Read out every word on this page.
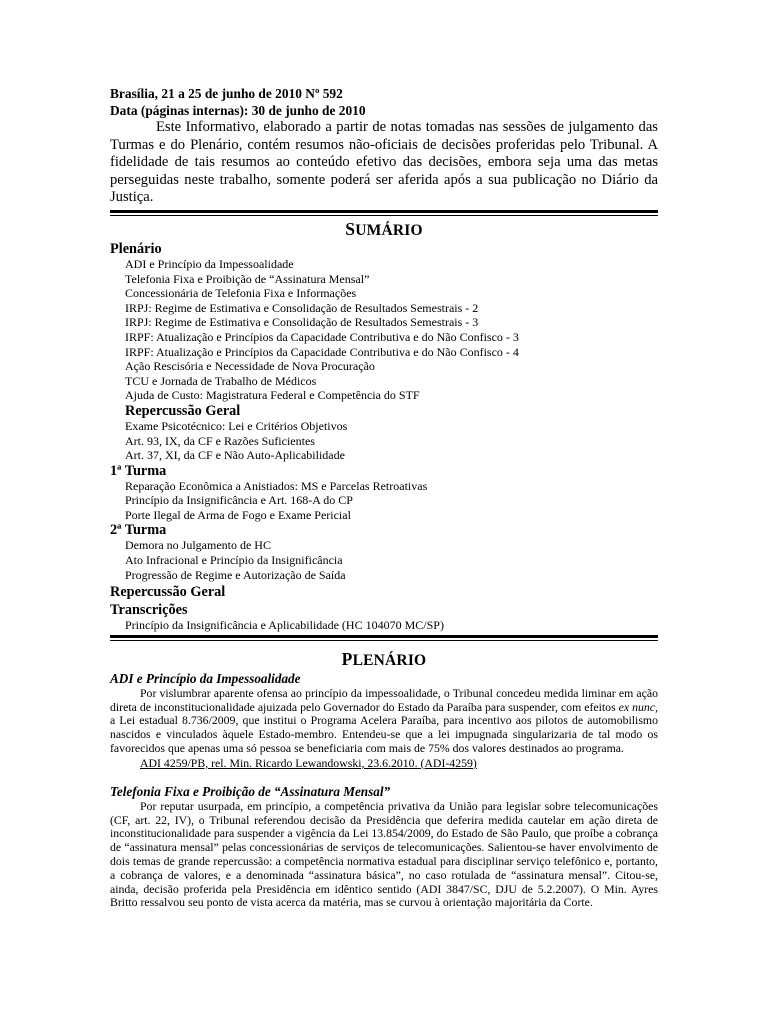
Brasília, 21 a 25 de junho de 2010 Nº 592
Data (páginas internas): 30 de junho de 2010

Este Informativo, elaborado a partir de notas tomadas nas sessões de julgamento das Turmas e do Plenário, contém resumos não-oficiais de decisões proferidas pelo Tribunal. A fidelidade de tais resumos ao conteúdo efetivo das decisões, embora seja uma das metas perseguidas neste trabalho, somente poderá ser aferida após a sua publicação no Diário da Justiça.

SUMÁRIO
Plenário
ADI e Princípio da Impessoalidade
Telefonia Fixa e Proibição de “Assinatura Mensal”
Concessionária de Telefonia Fixa e Informações
IRPJ: Regime de Estimativa e Consolidação de Resultados Semestrais - 2
IRPJ: Regime de Estimativa e Consolidação de Resultados Semestrais - 3
IRPF: Atualização e Princípios da Capacidade Contributiva e do Não Confisco - 3
IRPF: Atualização e Princípios da Capacidade Contributiva e do Não Confisco - 4
Ação Rescisória e Necessidade de Nova Procuração
TCU e Jornada de Trabalho de Médicos
Ajuda de Custo: Magistratura Federal e Competência do STF
Repercussão Geral
Exame Psicotécnico: Lei e Critérios Objetivos
Art. 93, IX, da CF e Razões Suficientes
Art. 37, XI, da CF e Não Auto-Aplicabilidade
1ª Turma
Reparação Econômica a Anistiados: MS e Parcelas Retroativas
Princípio da Insignificância e Art. 168-A do CP
Porte Ilegal de Arma de Fogo e Exame Pericial
2ª Turma
Demora no Julgamento de HC
Ato Infracional e Princípio da Insignificância
Progressão de Regime e Autorização de Saída
Repercussão Geral
Transcrições
Princípio da Insignificância e Aplicabilidade (HC 104070 MC/SP)
PLENÁRIO
ADI e Princípio da Impessoalidade

Por vislumbrar aparente ofensa ao princípio da impessoalidade, o Tribunal concedeu medida liminar em ação direta de inconstitucionalidade ajuizada pelo Governador do Estado da Paraíba para suspender, com efeitos ex nunc, a Lei estadual 8.736/2009, que institui o Programa Acelera Paraíba, para incentivo aos pilotos de automobilismo nascidos e vinculados àquele Estado-membro. Entendeu-se que a lei impugnada singularizaria de tal modo os favorecidos que apenas uma só pessoa se beneficiaria com mais de 75% dos valores destinados ao programa.

ADI 4259/PB, rel. Min. Ricardo Lewandowski, 23.6.2010. (ADI-4259)
Telefonia Fixa e Proibição de “Assinatura Mensal”

Por reputar usurpada, em princípio, a competência privativa da União para legislar sobre telecomunicações (CF, art. 22, IV), o Tribunal referendou decisão da Presidência que deferira medida cautelar em ação direta de inconstitucionalidade para suspender a vigência da Lei 13.854/2009, do Estado de São Paulo, que proíbe a cobrança de “assinatura mensal” pelas concessionárias de serviços de telecomunicações. Salientou-se haver envolvimento de dois temas de grande repercussão: a competência normativa estadual para disciplinar serviço telefônico e, portanto, a cobrança de valores, e a denominada “assinatura básica”, no caso rotulada de “assinatura mensal”. Citou-se, ainda, decisão proferida pela Presidência em idêntico sentido (ADI 3847/SC, DJU de 5.2.2007). O Min. Ayres Britto ressalvou seu ponto de vista acerca da matéria, mas se curvou à orientação majoritária da Corte.
